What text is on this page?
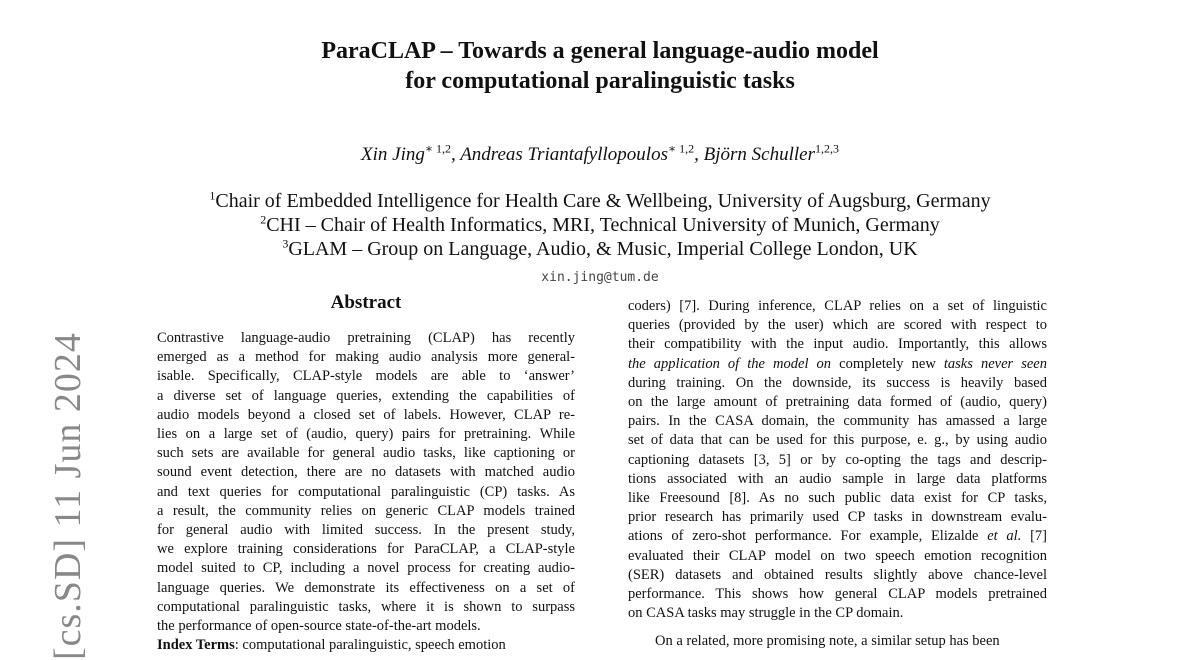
[cs.SD] 11 Jun 2024
ParaCLAP – Towards a general language-audio model
for computational paralinguistic tasks
Xin Jing$^{∗ 1,2}$, Andreas Triantafyllopoulos$^{∗ 1,2}$, Björn Schuller$^{1,2,3}$
$^1$Chair of Embedded Intelligence for Health Care & Wellbeing, University of Augsburg, Germany
$^2$CHI – Chair of Health Informatics, MRI, Technical University of Munich, Germany
$^3$GLAM – Group on Language, Audio, & Music, Imperial College London, UK
xin.jing@tum.de
Abstract
Contrastive language-audio pretraining (CLAP) has recently
emerged as a method for making audio analysis more general-
isable. Specifically, CLAP-style models are able to ‘answer’
a diverse set of language queries, extending the capabilities of
audio models beyond a closed set of labels. However, CLAP re-
lies on a large set of (audio, query) pairs for pretraining. While
such sets are available for general audio tasks, like captioning or
sound event detection, there are no datasets with matched audio
and text queries for computational paralinguistic (CP) tasks. As
a result, the community relies on generic CLAP models trained
for general audio with limited success. In the present study,
we explore training considerations for ParaCLAP, a CLAP-style
model suited to CP, including a novel process for creating audio-
language queries. We demonstrate its effectiveness on a set of
computational paralinguistic tasks, where it is shown to surpass
the performance of open-source state-of-the-art models.
Index Terms: computational paralinguistic, speech emotion
coders) [7]. During inference, CLAP relies on a set of linguistic
queries (provided by the user) which are scored with respect to
their compatibility with the input audio. Importantly, this allows
the application of the model on completely new tasks never seen
during training. On the downside, its success is heavily based
on the large amount of pretraining data formed of (audio, query)
pairs. In the CASA domain, the community has amassed a large
set of data that can be used for this purpose, e. g., by using audio
captioning datasets [3, 5] or by co-opting the tags and descrip-
tions associated with an audio sample in large data platforms
like Freesound [8]. As no such public data exist for CP tasks,
prior research has primarily used CP tasks in downstream evalu-
ations of zero-shot performance. For example, Elizalde et al. [7]
evaluated their CLAP model on two speech emotion recognition
(SER) datasets and obtained results slightly above chance-level
performance. This shows how general CLAP models pretrained
on CASA tasks may struggle in the CP domain.
On a related, more promising note, a similar setup has been
